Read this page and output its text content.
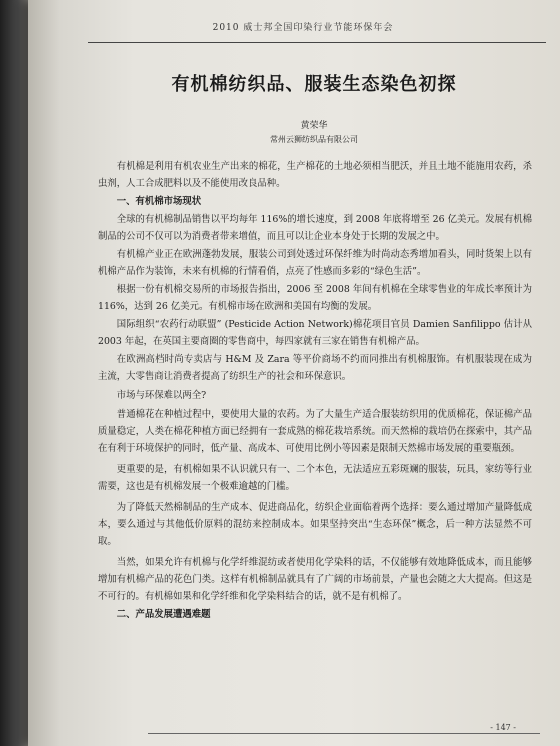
2010 威士邦全国印染行业节能环保年会
有机棉纺织品、服装生态染色初探
黄荣华
常州云狮纺织品有限公司

有机棉是利用有机农业生产出来的棉花，生产棉花的土地必须相当肥沃，并且土地不能施用农药，杀虫剂，人工合成肥料以及不能使用改良品种。

一、有机棉市场现状

全球的有机棉制品销售以平均每年 116%的增长速度，到 2008 年底将增至 26 亿美元。发展有机棉制品的公司不仅可以为消费者带来增值，而且可以让企业本身处于长期的发展之中。

有机棉产业正在欧洲蓬勃发展，服装公司到处透过环保纤维为时尚动态秀增加看头，同时货架上以有机棉产品作为装饰，未来有机棉的行情看俏，点亮了性感而多彩的“绿色生活”。

根据一份有机棉交易所的市场报告指出，2006 至 2008 年间有机棉在全球零售业的年成长率预计为116%，达到 26 亿美元。有机棉市场在欧洲和美国有均衡的发展。

国际组织“农药行动联盟” (Pesticide Action Network)棉花项目官员 Damien Sanfilippo 估计从 2003 年起，在英国主要商圈的零售商中，每四家就有三家在销售有机棉产品。

在欧洲高档时尚专卖店与 H&M 及 Zara 等平价商场不约而同推出有机棉服饰。有机服装现在成为主流，大零售商让消费者提高了纺织生产的社会和环保意识。

市场与环保难以两全?

普通棉花在种植过程中，要使用大量的农药。为了大量生产适合服装纺织用的优质棉花，保证棉产品质量稳定，人类在棉花种植方面已经拥有一套成熟的棉花栽培系统。而天然棉的栽培仍在探索中，其产品在有利于环境保护的同时，低产量、高成本、可使用比例小等因素是限制天然棉市场发展的重要瓶颈。

更重要的是，有机棉如果不认识就只有一、二个本色，无法适应五彩斑斓的服装，玩具，家纺等行业需要，这也是有机棉发展一个极难逾越的门槛。

为了降低天然棉制品的生产成本、促进商品化，纺织企业面临着两个选择：要么通过增加产量降低成本，要么通过与其他低价原料的混纺来控制成本。如果坚持突出“生态环保”概念，后一种方法显然不可取。

当然，如果允许有机棉与化学纤维混纺或者使用化学染料的话，不仅能够有效地降低成本，而且能够增加有机棉产品的花色门类。这样有机棉制品就具有了广阔的市场前景，产量也会随之大大提高。但这是不可行的。有机棉如果和化学纤维和化学染料结合的话，就不是有机棉了。

二、产品发展遭遇难题

- 147 -
